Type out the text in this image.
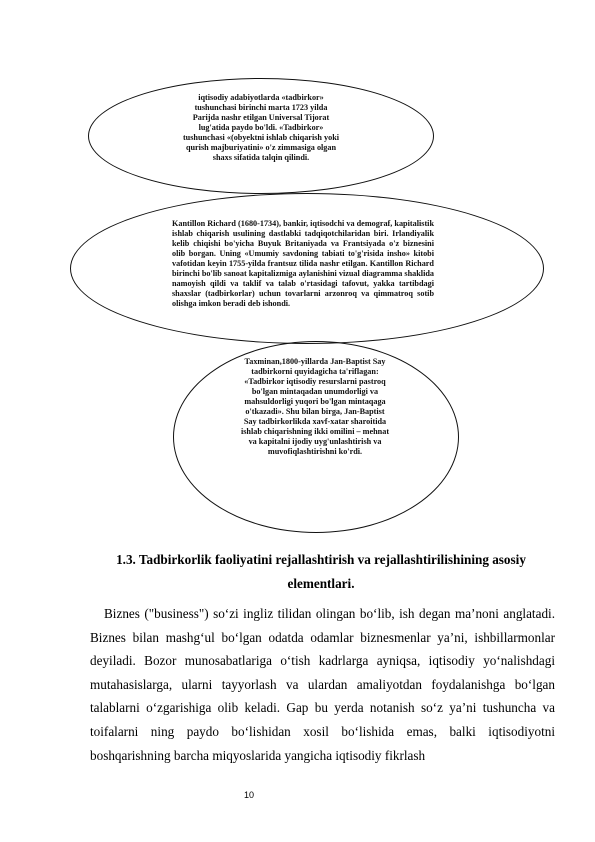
iqtisodiy adabiyotlarda «tadbirkor»
tushunchasi birinchi marta 1723 yilda
Parijda nashr etilgan Universal Tijorat
lug'atida paydo bo'ldi. «Tadbirkor»
tushunchasi «(obyektni ishlab chiqarish yoki
qurish majburiyatini» o'z zimmasiga olgan
shaxs sifatida talqin qilindi.
Kantillon Richard (1680-1734), bankir, iqtisodchi va demograf, kapitalistik ishlab chiqarish usulining dastlabki tadqiqotchilaridan biri. Irlandiyalik kelib chiqishi bo'yicha Buyuk Britaniyada va Frantsiyada o'z biznesini olib borgan. Uning «Umumiy savdoning tabiati to'g'risida insho» kitobi vafotidan keyin 1755-yilda frantsuz tilida nashr etilgan. Kantillon Richard birinchi bo'lib sanoat kapitalizmiga aylanishini vizual diagramma shaklida namoyish qildi va taklif va talab o'rtasidagi tafovut, yakka tartibdagi shaxslar (tadbirkorlar) uchun tovarlarni arzonroq va qimmatroq sotib olishga imkon beradi deb ishondi.
Taxminan,1800-yillarda Jan-Baptist Say
tadbirkorni quyidagicha ta'riflagan:
«Tadbirkor iqtisodiy resurslarni pastroq
bo'lgan mintaqadan unumdorligi va
mahsuldorligi yuqori bo'lgan mintaqaga
o'tkazadi». Shu bilan birga, Jan-Baptist
Say tadbirkorlikda xavf-xatar sharoitida
ishlab chiqarishning ikki omilini – mehnat
va kapitalni ijodiy uyg'unlashtirish va
muvofiqlashtirishni ko'rdi.
1.3. Tadbirkorlik faoliyatini rejallashtirish va rejallashtirilishining asosiy elementlari.
Biznes ("business") so‘zi ingliz tilidan olingan bo‘lib, ish degan ma’noni anglatadi. Biznes bilan mashg‘ul bo‘lgan odatda odamlar biznesmenlar ya’ni, ishbillarmonlar deyiladi. Bozor munosabatlariga o‘tish kadrlarga ayniqsa, iqtisodiy yo‘nalishdagi mutahasislarga, ularni tayyorlash va ulardan amaliyotdan foydalanishga bo‘lgan talablarni o‘zgarishiga olib keladi. Gap bu yerda notanish so‘z ya’ni tushuncha va toifalarni ning paydo bo‘lishidan xosil bo‘lishida emas, balki iqtisodiyotni boshqarishning barcha miqyoslarida yangicha iqtisodiy fikrlash
10
